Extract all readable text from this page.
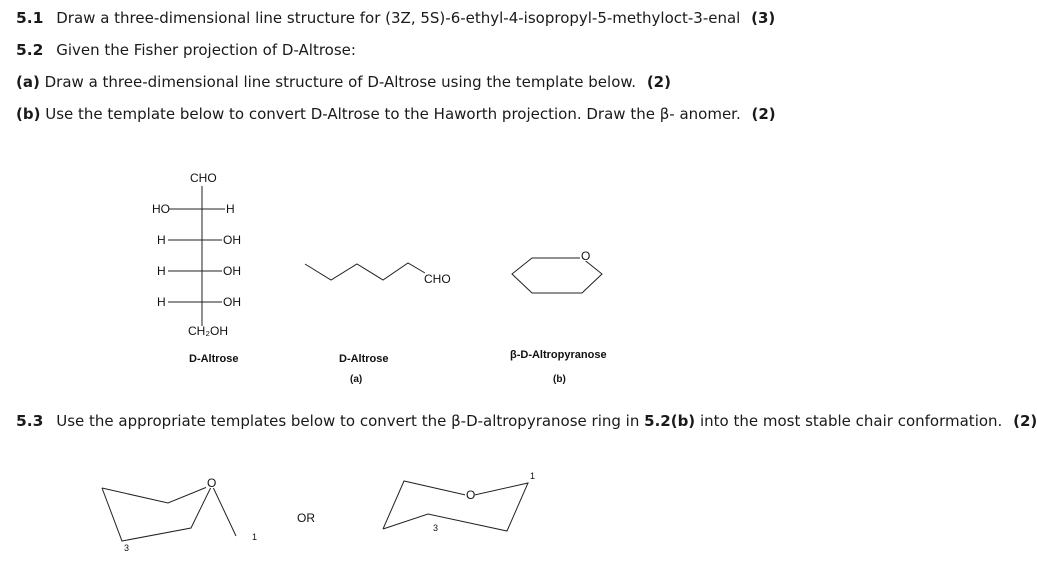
5.1 Draw a three-dimensional line structure for (3Z, 5S)-6-ethyl-4-isopropyl-5-methyloct-3-enal (3)
5.2 Given the Fisher projection of D-Altrose:
(a) Draw a three-dimensional line structure of D-Altrose using the template below. (2)
(b) Use the template below to convert D-Altrose to the Haworth projection. Draw the β- anomer. (2)
5.3 Use the appropriate templates below to convert the β-D-altropyranose ring in 5.2(b) into the most stable chair conformation. (2)
CHO
HO	H
H	OH
H	OH
H	OH
CH₂OH
D-Altrose
CHO
D-Altrose
(a)
O
β-D-Altropyranose
(b)
O
1
3
OR
O
1
3
